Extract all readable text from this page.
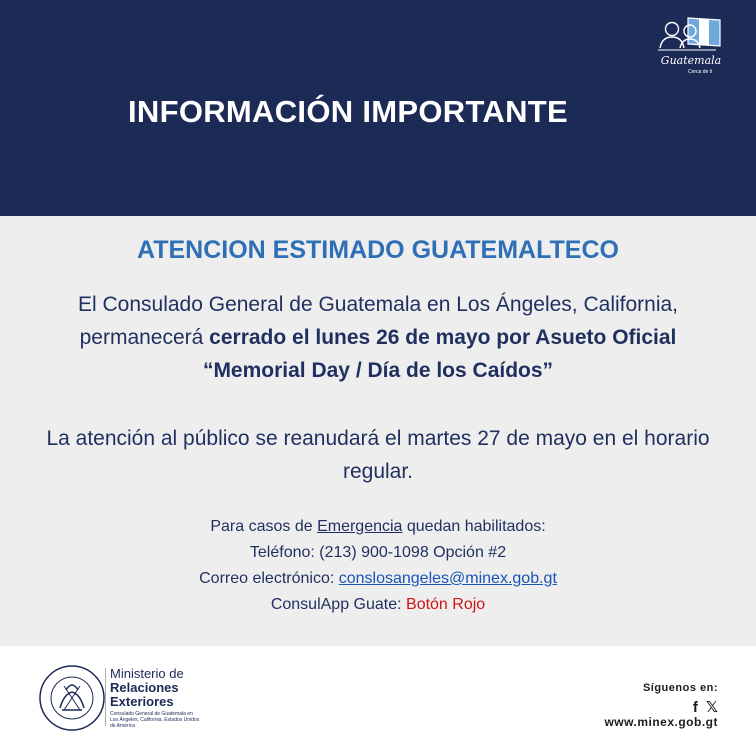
INFORMACIÓN IMPORTANTE
Guatemala
Cerca de ti
ATENCION ESTIMADO GUATEMALTECO
El Consulado General de Guatemala en Los Ángeles, California, permanecerá cerrado el lunes 26 de mayo por Asueto Oficial “Memorial Day / Día de los Caídos”
La atención al público se reanudará el martes 27 de mayo en el horario regular.
Para casos de Emergencia quedan habilitados:
Teléfono: (213) 900-1098 Opción #2
Correo electrónico: conslosangeles@minex.gob.gt
ConsulApp Guate: Botón Rojo
Ministerio de
Relaciones
Exteriores
Consulado General de Guatemala en Los Ángeles, California, Estados Unidos de América
Síguenos en:
f 𝕏
www.minex.gob.gt
